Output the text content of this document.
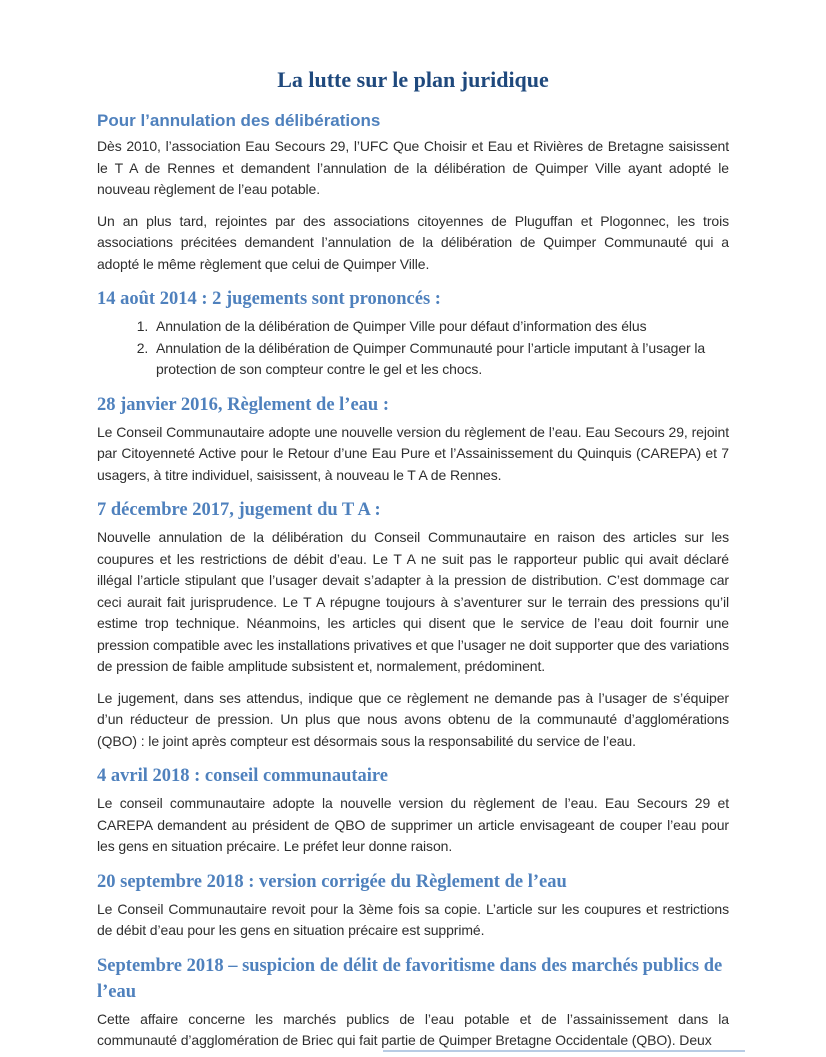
La lutte sur le plan juridique
Pour l’annulation des délibérations

Dès 2010, l’association Eau Secours 29, l’UFC Que Choisir et Eau et Rivières de Bretagne saisissent le T A de Rennes et demandent l’annulation de la délibération de Quimper Ville ayant adopté le nouveau règlement de l’eau potable.

Un an plus tard, rejointes par des associations citoyennes de Pluguffan et Plogonnec, les trois associations précitées demandent l’annulation de la délibération de Quimper Communauté qui a adopté le même règlement que celui de Quimper Ville.

14 août 2014 : 2 jugements sont prononcés :
1. Annulation de la délibération de Quimper Ville pour défaut d’information des élus
2. Annulation de la délibération de Quimper Communauté pour l’article imputant à l’usager la protection de son compteur contre le gel et les chocs.
28 janvier 2016, Règlement de l’eau :

Le Conseil Communautaire adopte une nouvelle version du règlement de l’eau. Eau Secours 29, rejoint par Citoyenneté Active pour le Retour d’une Eau Pure et l’Assainissement du Quinquis (CAREPA) et 7 usagers, à titre individuel, saisissent, à nouveau le T A de Rennes.

7 décembre 2017, jugement du T A :

Nouvelle annulation de la délibération du Conseil Communautaire en raison des articles sur les coupures et les restrictions de débit d’eau. Le T A ne suit pas le rapporteur public qui avait déclaré illégal l’article stipulant que l’usager devait s’adapter à la pression de distribution. C’est dommage car ceci aurait fait jurisprudence. Le T A répugne toujours à s’aventurer sur le terrain des pressions qu’il estime trop technique. Néanmoins, les articles qui disent que le service de l’eau doit fournir une pression compatible avec les installations privatives et que l’usager ne doit supporter que des variations de pression de faible amplitude subsistent et, normalement, prédominent.

Le jugement, dans ses attendus, indique que ce règlement ne demande pas à l’usager de s’équiper d’un réducteur de pression. Un plus que nous avons obtenu de la communauté d’agglomérations (QBO) : le joint après compteur est désormais sous la responsabilité du service de l’eau.

4 avril 2018 : conseil communautaire

Le conseil communautaire adopte la nouvelle version du règlement de l’eau. Eau Secours 29 et CAREPA demandent au président de QBO de supprimer un article envisageant de couper l’eau pour les gens en situation précaire. Le préfet leur donne raison.

20 septembre 2018 : version corrigée du Règlement de l’eau

Le Conseil Communautaire revoit pour la 3ème fois sa copie. L’article sur les coupures et restrictions de débit d’eau pour les gens en situation précaire est supprimé.

Septembre 2018 – suspicion de délit de favoritisme dans des marchés publics de l’eau

Cette affaire concerne les marchés publics de l’eau potable et de l’assainissement dans la communauté d’agglomération de Briec qui fait partie de Quimper Bretagne Occidentale (QBO). Deux
